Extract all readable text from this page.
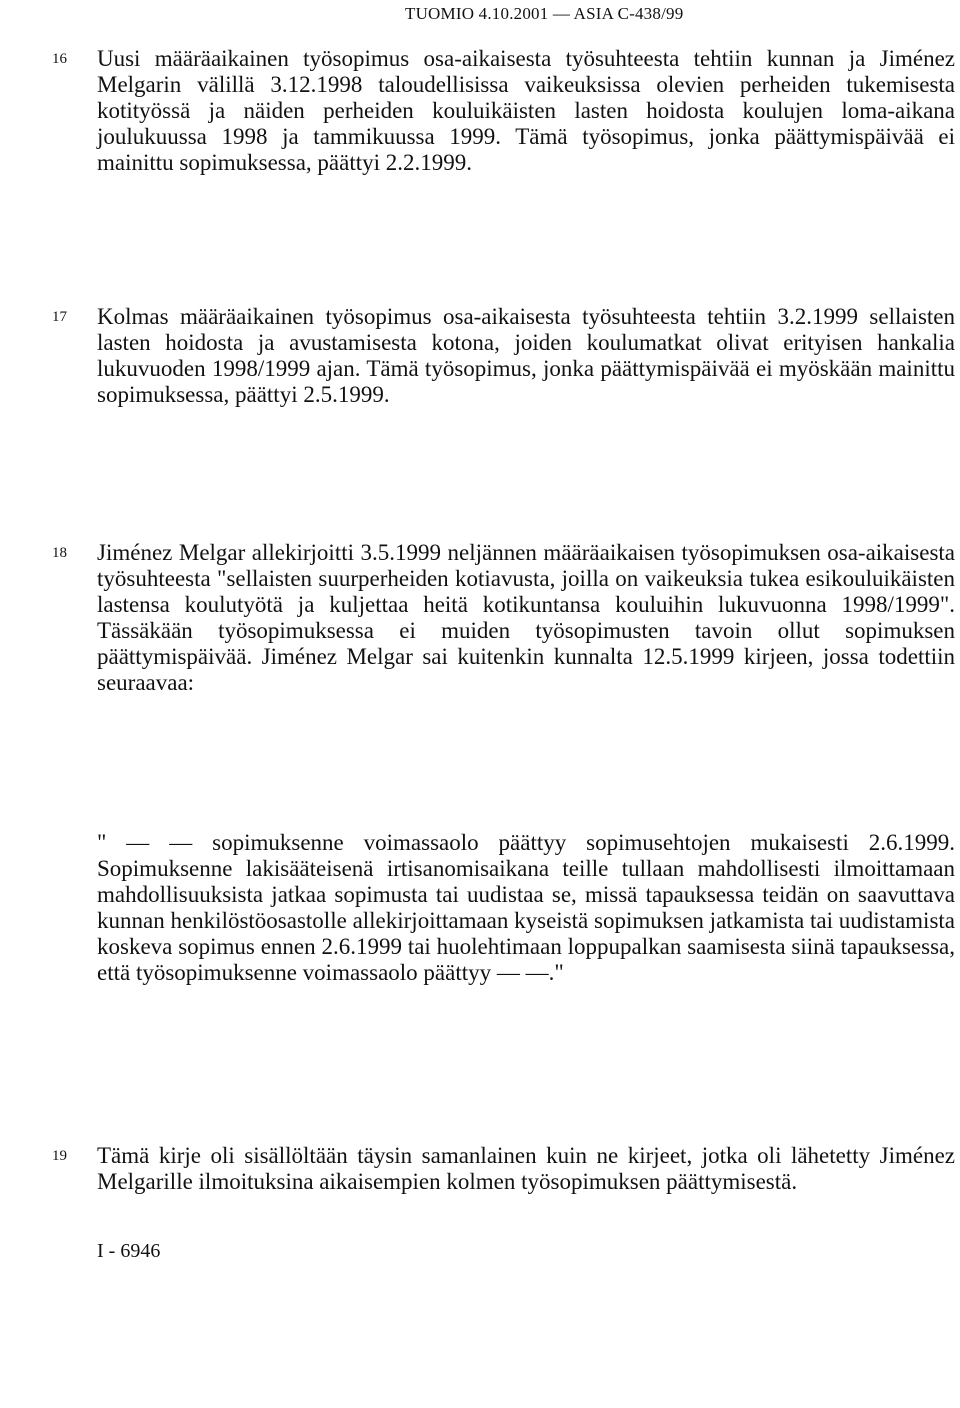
TUOMIO 4.10.2001 — ASIA C-438/99
16 Uusi määräaikainen työsopimus osa-aikaisesta työsuhteesta tehtiin kunnan ja Jiménez Melgarin välillä 3.12.1998 taloudellisissa vaikeuksissa olevien perheiden tukemisesta kotityössä ja näiden perheiden kouluikäisten lasten hoidosta koulujen loma-aikana joulukuussa 1998 ja tammikuussa 1999. Tämä työsopimus, jonka päättymispäivää ei mainittu sopimuksessa, päättyi 2.2.1999.

17 Kolmas määräaikainen työsopimus osa-aikaisesta työsuhteesta tehtiin 3.2.1999 sellaisten lasten hoidosta ja avustamisesta kotona, joiden koulumatkat olivat erityisen hankalia lukuvuoden 1998/1999 ajan. Tämä työsopimus, jonka päättymispäivää ei myöskään mainittu sopimuksessa, päättyi 2.5.1999.

18 Jiménez Melgar allekirjoitti 3.5.1999 neljännen määräaikaisen työsopimuksen osa-aikaisesta työsuhteesta "sellaisten suurperheiden kotiavusta, joilla on vaikeuksia tukea esikouluikäisten lastensa koulutyötä ja kuljettaa heitä kotikuntansa kouluihin lukuvuonna 1998/1999". Tässäkään työsopimuksessa ei muiden työsopimusten tavoin ollut sopimuksen päättymispäivää. Jiménez Melgar sai kuitenkin kunnalta 12.5.1999 kirjeen, jossa todettiin seuraavaa:

" — — sopimuksenne voimassaolo päättyy sopimusehtojen mukaisesti 2.6.1999. Sopimuksenne lakisääteisenä irtisanomisaikana teille tullaan mahdollisesti ilmoittamaan mahdollisuuksista jatkaa sopimusta tai uudistaa se, missä tapauksessa teidän on saavuttava kunnan henkilöstöosastolle allekirjoittamaan kyseistä sopimuksen jatkamista tai uudistamista koskeva sopimus ennen 2.6.1999 tai huolehtimaan loppupalkan saamisesta siinä tapauksessa, että työsopimuksenne voimassaolo päättyy — —."

19 Tämä kirje oli sisällöltään täysin samanlainen kuin ne kirjeet, jotka oli lähetetty Jiménez Melgarille ilmoituksina aikaisempien kolmen työsopimuksen päättymisestä.

I - 6946
